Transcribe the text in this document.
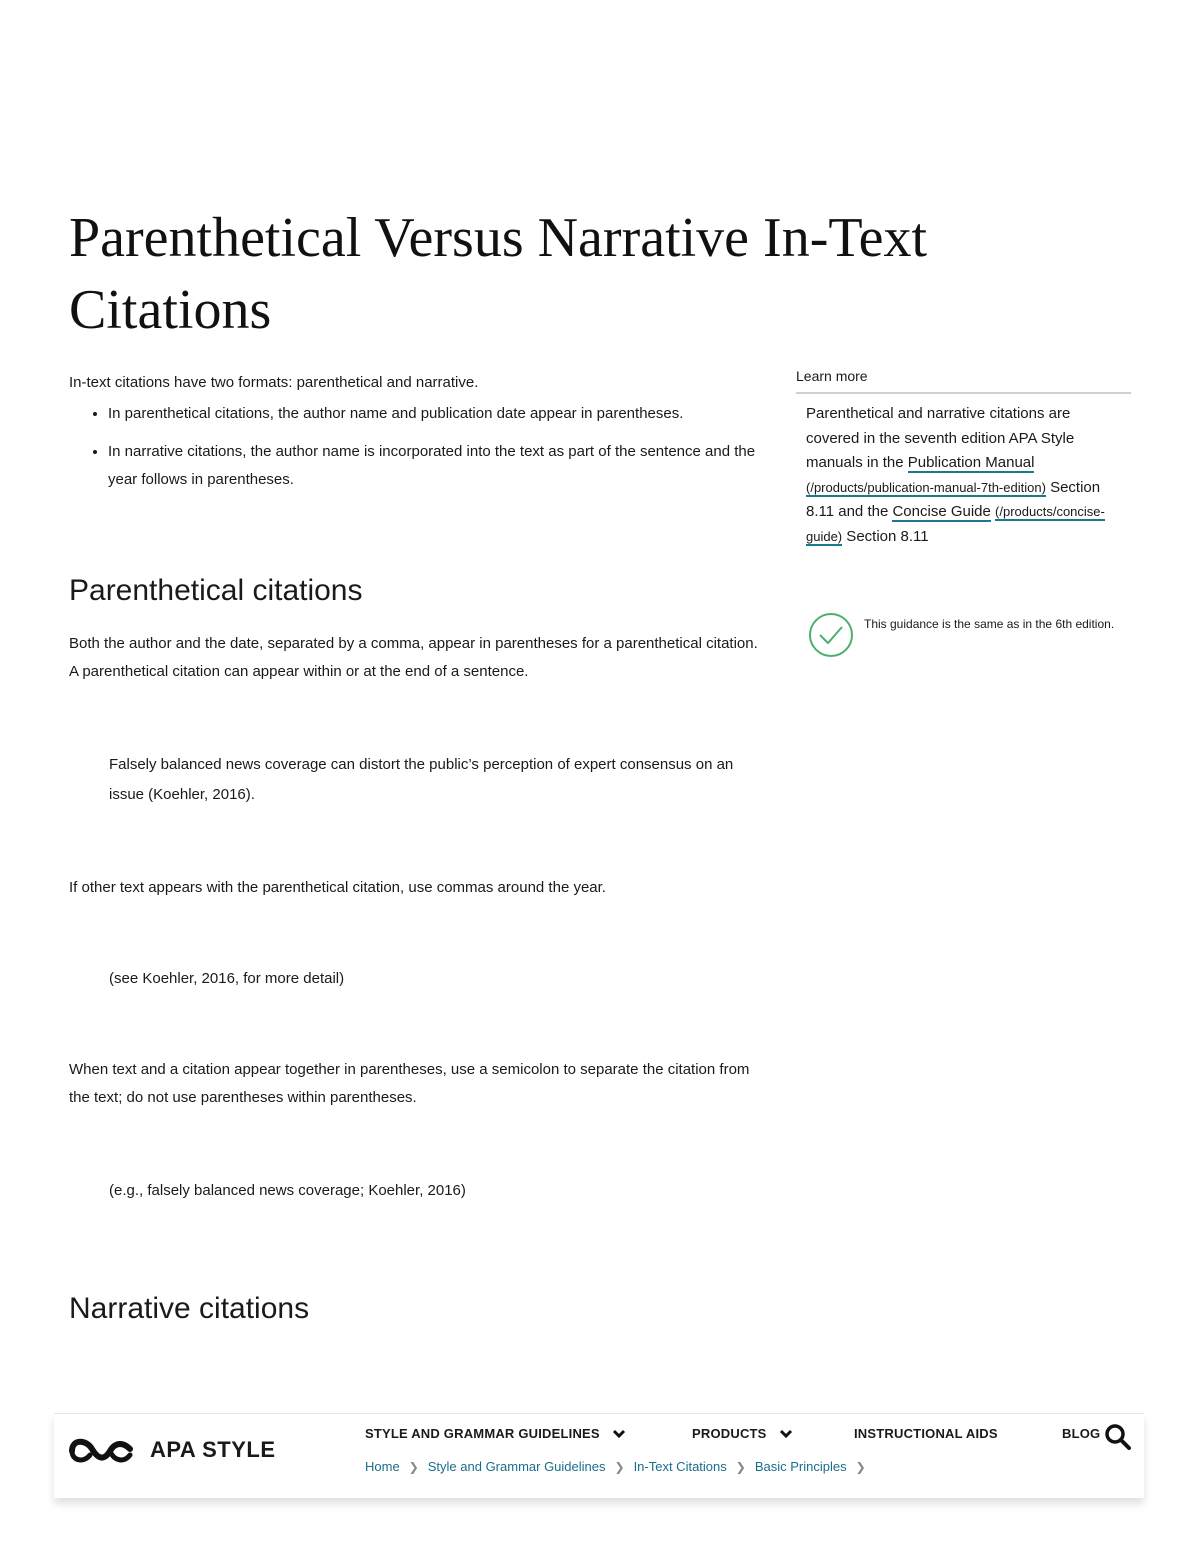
Parenthetical Versus Narrative In-Text Citations

In-text citations have two formats: parenthetical and narrative.

• In parenthetical citations, the author name and publication date appear in parentheses.
• In narrative citations, the author name is incorporated into the text as part of the sentence and the year follows in parentheses.
Parenthetical citations

Both the author and the date, separated by a comma, appear in parentheses for a parenthetical citation. A parenthetical citation can appear within or at the end of a sentence.

Falsely balanced news coverage can distort the public’s perception of expert consensus on an issue (Koehler, 2016).

If other text appears with the parenthetical citation, use commas around the year.

(see Koehler, 2016, for more detail)

When text and a citation appear together in parentheses, use a semicolon to separate the citation from the text; do not use parentheses within parentheses.

(e.g., falsely balanced news coverage; Koehler, 2016)

Narrative citations
Learn more
Parenthetical and narrative citations are covered in the seventh edition APA Style manuals in the Publication Manual (/products/publication-manual-7th-edition) Section 8.11 and the Concise Guide (/products/concise-guide) Section 8.11
This guidance is the same as in the 6th edition.
APA STYLE
STYLE AND GRAMMAR GUIDELINES	PRODUCTS	INSTRUCTIONAL AIDS	BLOG
Home ❯ Style and Grammar Guidelines ❯ In-Text Citations ❯ Basic Principles ❯
